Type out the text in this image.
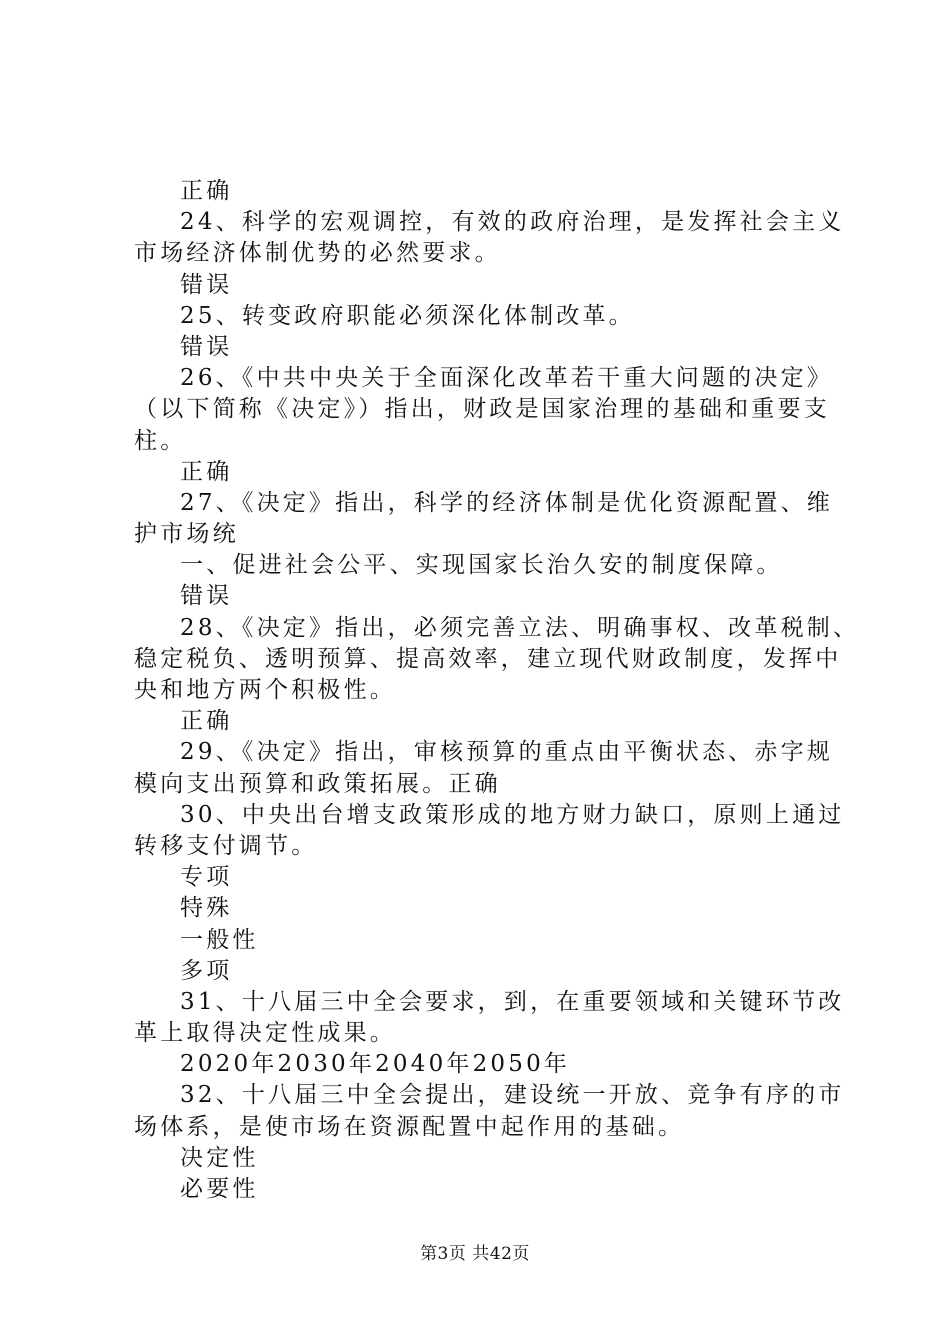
正确
24、科学的宏观调控，有效的政府治理，是发挥社会主义
市场经济体制优势的必然要求。
错误
25、转变政府职能必须深化体制改革。
错误
26、《中共中央关于全面深化改革若干重大问题的决定》
（以下简称《决定》）指出，财政是国家治理的基础和重要支
柱。
正确
27、《决定》指出，科学的经济体制是优化资源配置、维
护市场统
一、促进社会公平、实现国家长治久安的制度保障。
错误
28、《决定》指出，必须完善立法、明确事权、改革税制、
稳定税负、透明预算、提高效率，建立现代财政制度，发挥中
央和地方两个积极性。
正确
29、《决定》指出，审核预算的重点由平衡状态、赤字规
模向支出预算和政策拓展。正确
30、中央出台增支政策形成的地方财力缺口，原则上通过
转移支付调节。
专项
特殊
一般性
多项
31、十八届三中全会要求，到，在重要领域和关键环节改
革上取得决定性成果。
2020年2030年2040年2050年
32、十八届三中全会提出，建设统一开放、竞争有序的市
场体系，是使市场在资源配置中起作用的基础。
决定性
必要性
第3页 共42页
